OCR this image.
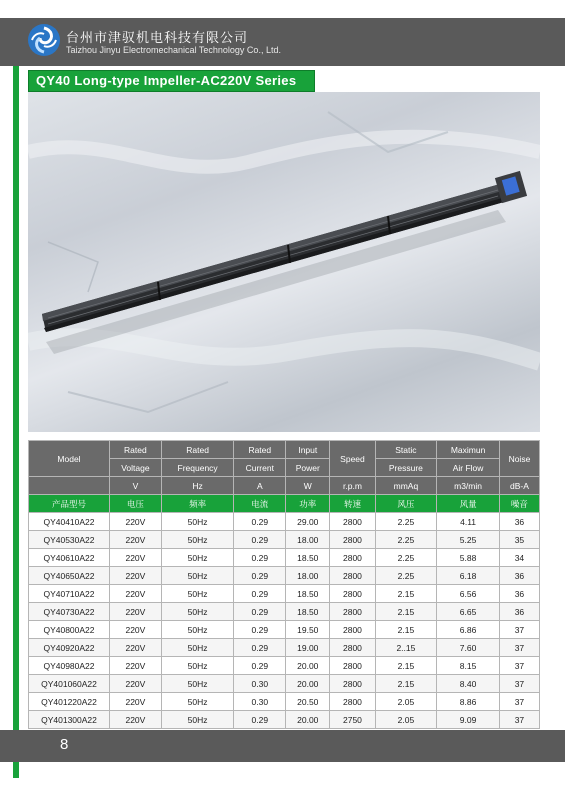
台州市津驭机电科技有限公司
Taizhou Jinyu Electromechanical Technology Co., Ltd.
QY40 Long-type Impeller-AC220V Series
Model	Rated	Rated	Rated	Input	Speed	Static	Maximun	Noise
	Voltage	Frequency	Current	Power		Pressure	Air Flow	
	V	Hz	A	W	r.p.m	mmAq	m3/min	dB-A
产品型号	电压	频率	电流	功率	转速	风压	风量	噪音
QY40410A22	220V	50Hz	0.29	29.00	2800	2.25	4.11	36
QY40530A22	220V	50Hz	0.29	18.00	2800	2.25	5.25	35
QY40610A22	220V	50Hz	0.29	18.50	2800	2.25	5.88	34
QY40650A22	220V	50Hz	0.29	18.00	2800	2.25	6.18	36
QY40710A22	220V	50Hz	0.29	18.50	2800	2.15	6.56	36
QY40730A22	220V	50Hz	0.29	18.50	2800	2.15	6.65	36
QY40800A22	220V	50Hz	0.29	19.50	2800	2.15	6.86	37
QY40920A22	220V	50Hz	0.29	19.00	2800	2..15	7.60	37
QY40980A22	220V	50Hz	0.29	20.00	2800	2.15	8.15	37
QY401060A22	220V	50Hz	0.30	20.00	2800	2.15	8.40	37
QY401220A22	220V	50Hz	0.30	20.50	2800	2.05	8.86	37
QY401300A22	220V	50Hz	0.29	20.00	2750	2.05	9.09	37
8
